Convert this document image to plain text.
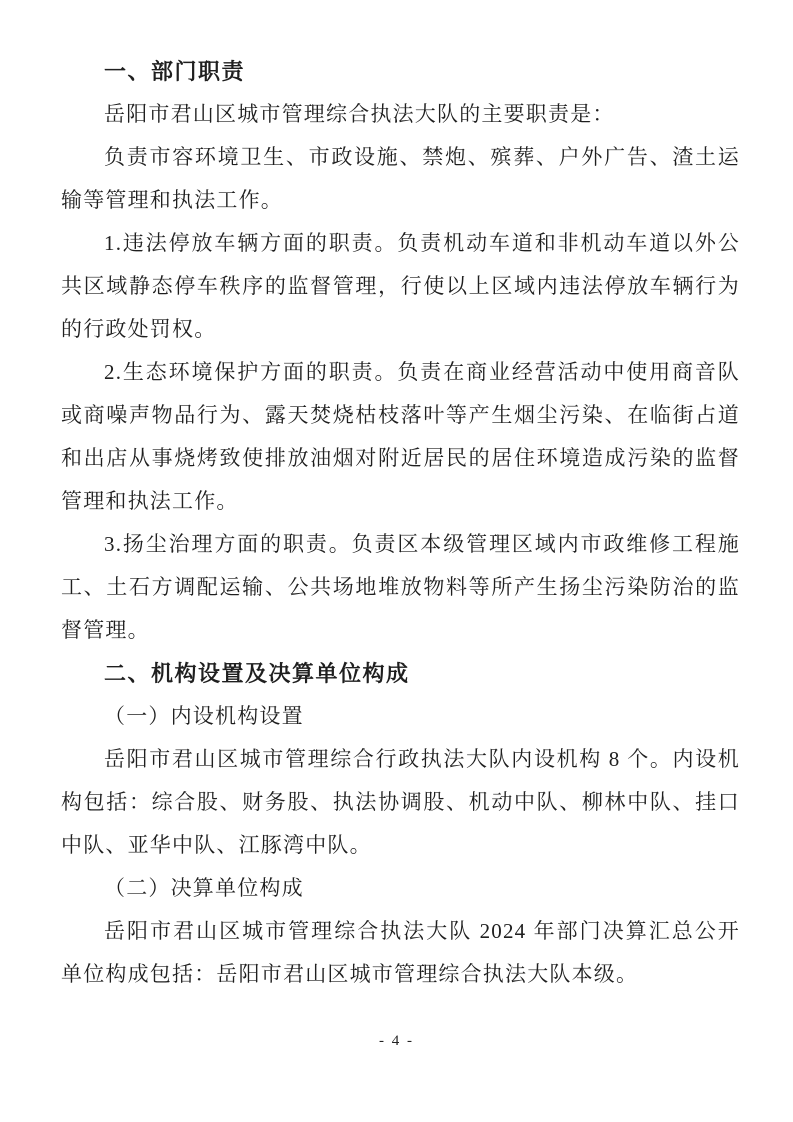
一、部门职责

岳阳市君山区城市管理综合执法大队的主要职责是：

负责市容环境卫生、市政设施、禁炮、殡葬、户外广告、渣土运输等管理和执法工作。

1.违法停放车辆方面的职责。负责机动车道和非机动车道以外公共区域静态停车秩序的监督管理，行使以上区域内违法停放车辆行为的行政处罚权。

2.生态环境保护方面的职责。负责在商业经营活动中使用商音队或商噪声物品行为、露天焚烧枯枝落叶等产生烟尘污染、在临街占道和出店从事烧烤致使排放油烟对附近居民的居住环境造成污染的监督管理和执法工作。

3.扬尘治理方面的职责。负责区本级管理区域内市政维修工程施工、土石方调配运输、公共场地堆放物料等所产生扬尘污染防治的监督管理。

二、机构设置及决算单位构成

（一）内设机构设置

岳阳市君山区城市管理综合行政执法大队内设机构 8 个。内设机构包括：综合股、财务股、执法协调股、机动中队、柳林中队、挂口中队、亚华中队、江豚湾中队。

（二）决算单位构成

岳阳市君山区城市管理综合执法大队 2024 年部门决算汇总公开单位构成包括：岳阳市君山区城市管理综合执法大队本级。

- 4 -
